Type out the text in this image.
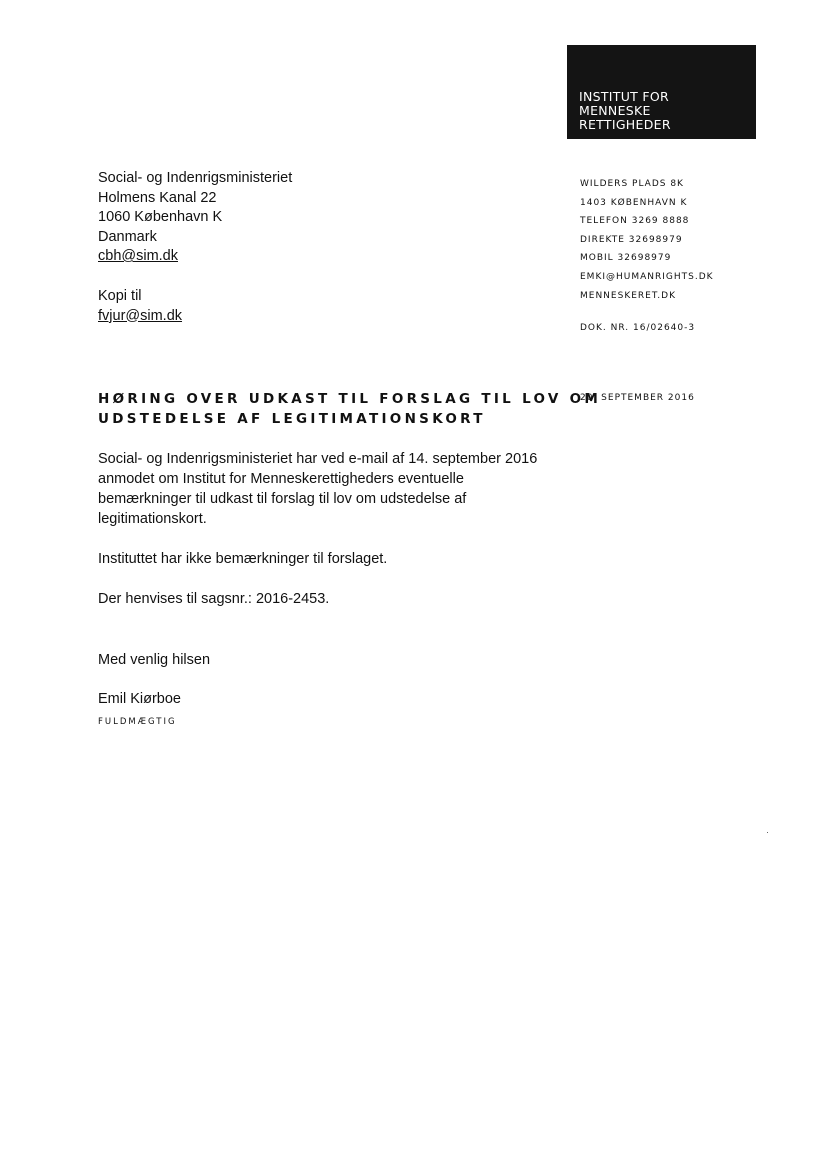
INSTITUT FOR
MENNESKE
RETTIGHEDER
Social- og Indenrigsministeriet
Holmens Kanal 22
1060 København K
Danmark
cbh@sim.dk
Kopi til
fvjur@sim.dk
WILDERS PLADS 8K
1403 KØBENHAVN K
TELEFON 3269 8888
DIREKTE 32698979
MOBIL 32698979
EMKI@HUMANRIGHTS.DK
MENNESKERET.DK
DOK. NR. 16/02640-3
HØRING OVER UDKAST TIL FORSLAG TIL LOV OM
UDSTEDELSE AF LEGITIMATIONSKORT
20. SEPTEMBER 2016
Social- og Indenrigsministeriet har ved e-mail af 14. september 2016
anmodet om Institut for Menneskerettigheders eventuelle
bemærkninger til udkast til forslag til lov om udstedelse af
legitimationskort.
Instituttet har ikke bemærkninger til forslaget.
Der henvises til sagsnr.: 2016-2453.
Med venlig hilsen
Emil Kiørboe
FULDMÆGTIG
